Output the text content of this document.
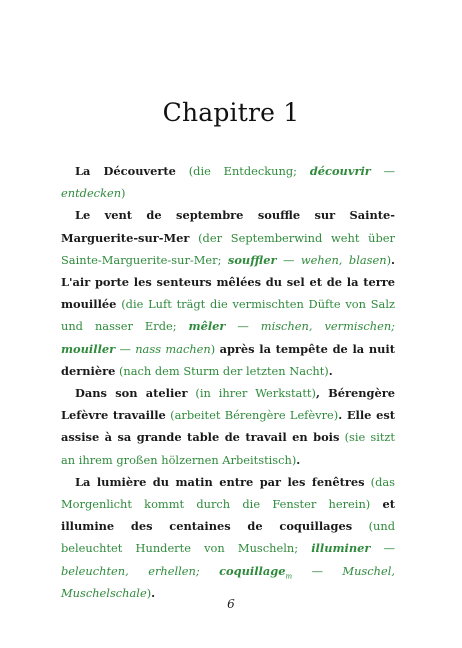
Chapitre 1

La Découverte (die Entdeckung; découvrir — entdecken)

Le vent de septembre souffle sur Sainte-Marguerite-sur-Mer (der Septemberwind weht über Sainte-Marguerite-sur-Mer; souffler — wehen, blasen). L'air porte les senteurs mêlées du sel et de la terre mouillée (die Luft trägt die vermischten Düfte von Salz und nasser Erde; mêler — mischen, vermischen; mouiller — nass machen) après la tempête de la nuit dernière (nach dem Sturm der letzten Nacht).

Dans son atelier (in ihrer Werkstatt), Bérengère Lefèvre travaille (arbeitet Bérengère Lefèvre). Elle est assise à sa grande table de travail en bois (sie sitzt an ihrem großen hölzernen Arbeitstisch).

La lumière du matin entre par les fenêtres (das Morgenlicht kommt durch die Fenster herein) et illumine des centaines de coquillages (und beleuchtet Hunderte von Muscheln; illuminer — beleuchten, erhellen; coquillage$_m$ — Muschel, Muschelschale).

6
